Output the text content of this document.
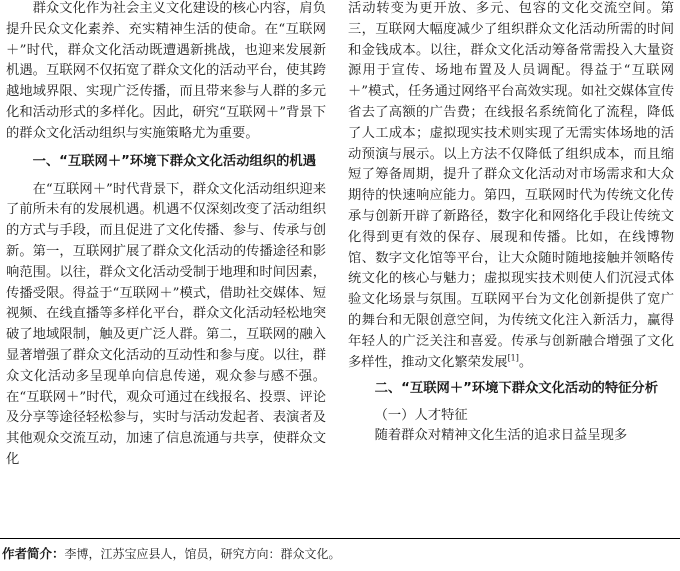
群众文化作为社会主义文化建设的核心内容，肩负提升民众文化素养、充实精神生活的使命。在“互联网＋”时代，群众文化活动既遭遇新挑战，也迎来发展新机遇。互联网不仅拓宽了群众文化的活动平台，使其跨越地域界限、实现广泛传播，而且带来参与人群的多元化和活动形式的多样化。因此，研究“互联网＋”背景下的群众文化活动组织与实施策略尤为重要。

一、“互联网＋”环境下群众文化活动组织的机遇

在“互联网＋”时代背景下，群众文化活动组织迎来了前所未有的发展机遇。机遇不仅深刻改变了活动组织的方式与手段，而且促进了文化传播、参与、传承与创新。第一，互联网扩展了群众文化活动的传播途径和影响范围。以往，群众文化活动受制于地理和时间因素，传播受限。得益于“互联网＋”模式，借助社交媒体、短视频、在线直播等多样化平台，群众文化活动轻松地突破了地域限制，触及更广泛人群。第二，互联网的融入显著增强了群众文化活动的互动性和参与度。以往，群众文化活动多呈现单向信息传递，观众参与感不强。在“互联网＋”时代，观众可通过在线报名、投票、评论及分享等途径轻松参与，实时与活动发起者、表演者及其他观众交流互动，加速了信息流通与共享，使群众文化

活动转变为更开放、多元、包容的文化交流空间。第三，互联网大幅度减少了组织群众文化活动所需的时间和金钱成本。以往，群众文化活动筹备常需投入大量资源用于宣传、场地布置及人员调配。得益于“互联网＋”模式，任务通过网络平台高效实现。如社交媒体宣传省去了高额的广告费；在线报名系统简化了流程，降低了人工成本；虚拟现实技术则实现了无需实体场地的活动预演与展示。以上方法不仅降低了组织成本，而且缩短了筹备周期，提升了群众文化活动对市场需求和大众期待的快速响应能力。第四，互联网时代为传统文化传承与创新开辟了新路径，数字化和网络化手段让传统文化得到更有效的保存、展现和传播。比如，在线博物馆、数字文化馆等平台，让大众随时随地接触并领略传统文化的核心与魅力；虚拟现实技术则使人们沉浸式体验文化场景与氛围。互联网平台为文化创新提供了宽广的舞台和无限创意空间，为传统文化注入新活力，赢得年轻人的广泛关注和喜爱。传承与创新融合增强了文化多样性，推动文化繁荣发展[1]。

二、“互联网＋”环境下群众文化活动的特征分析

（一）人才特征

随着群众对精神文化生活的追求日益呈现多

作者简介：李博，江苏宝应县人，馆员，研究方向：群众文化。
